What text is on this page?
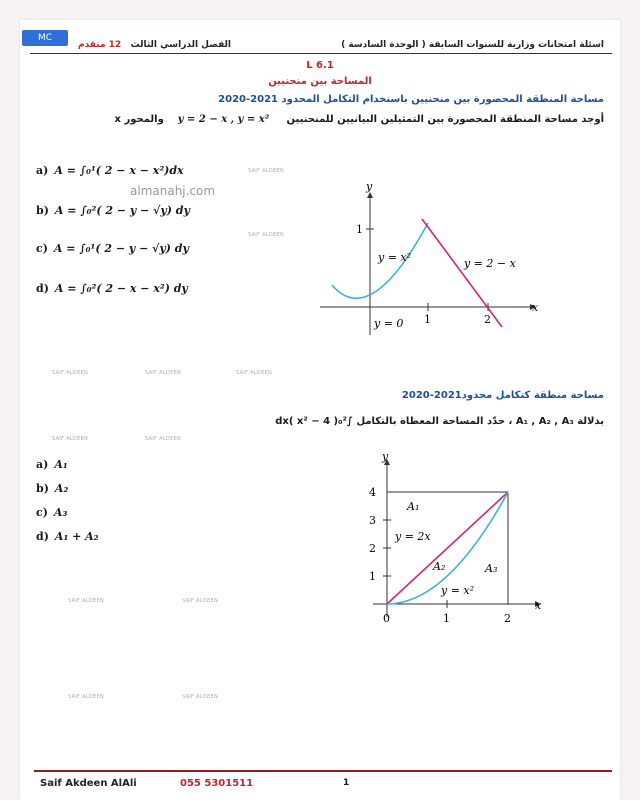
MC
اسئلة امتحانات وزارية للسنوات السابقة ( الوحدة السادسة )
الفصل الدراسي الثالث   12 متقدم
L 6.1
المساحة بين منحنيين
مساحة المنطقة المحصورة بين منحنيين باستخدام التكامل المحدود 2021-2020
أوجد مساحة المنطقة المحصورة بين التمثيلين البيانيين للمنحنيين     y = 2 − x , y = x²    والمحور x
a) A = ∫₀¹( 2 − x − x²)dx
b) A = ∫₀²( 2 − y − √y) dy
c) A = ∫₀¹( 2 − y − √y) dy
d) A = ∫₀²( 2 − x − x²) dy
almanahj.com	y
x
1
1	2
y = x²	y = 2 − x
y = 0
SAIF ALDEEN
SAIF ALDEEN
SAIF ALDEEN	SAIF ALDEEN	SAIF ALDEEN
SAIF ALDEEN	SAIF ALDEEN
SAIF ALDEEN	SAIF ALDEEN
SAIF ALDEEN	SAIF ALDEEN
مساحة منطقة كتكامل محدود2021-2020
بدلالة A₁ , A₂ , A₃ ، حدّد المساحة المعطاة بالتكامل ∫₀²( 4 − x² )dx
a) A₁
b) A₂
c) A₃
d) A₁ + A₂
y
x
1
2
3
4
0	1	2
A₁
A₂	A₃
y = 2x
y = x²
Saif Akdeen AlAli	055 5301511	1
